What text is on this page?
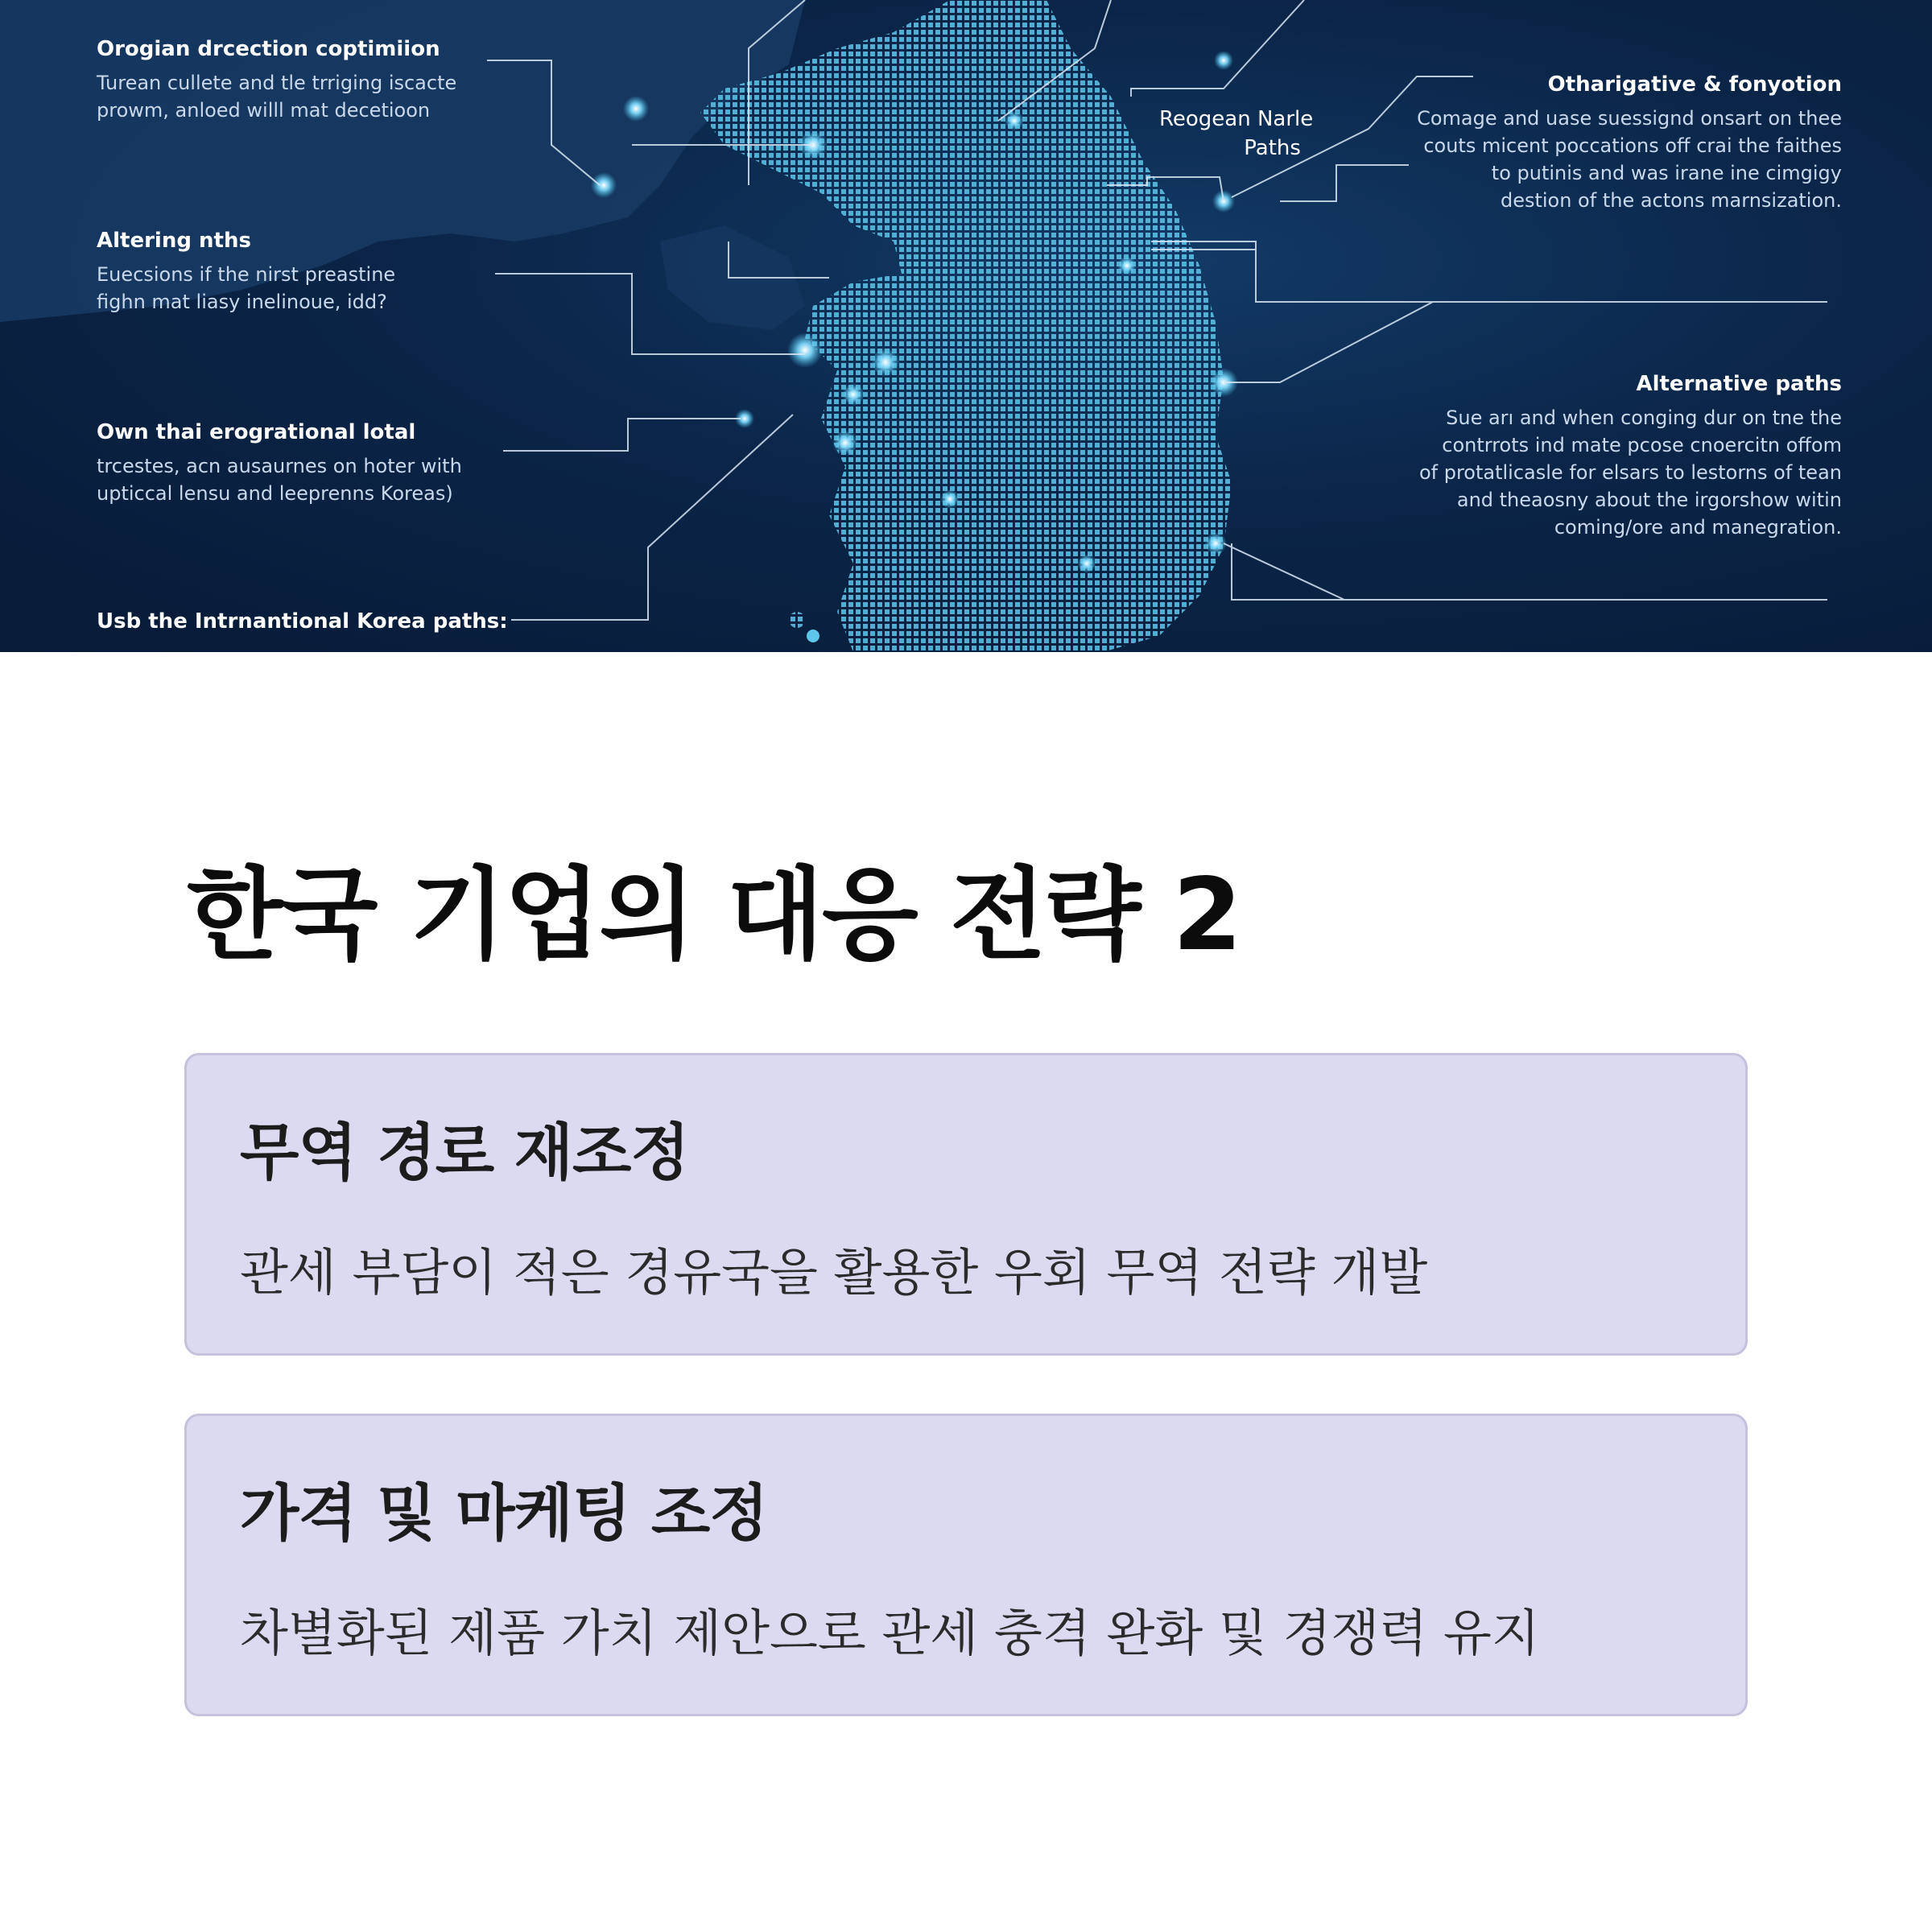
Orogian drcection coptimiion
Turean cullete and tle trriging iscacte
prowm, anloed willl mat decetioon
Altering nths
Euecsions if the nirst preastine
fighn mat liasy inelinoue, idd?
Own thai erogrational lotal
trcestes, acn ausaurnes on hoter with
upticcal lensu and leeprenns Koreas)
Usb the Intrnantional Korea paths:
Otharigative & fonyotion
Comage and uase suessignd onsart on thee
couts micent poccations off crai the faithes
to putinis and was irane ine cimgigy
destion of the actons marnsization.
Alternative paths
Sue arı and when conging dur on tne the
contrrots ind mate pcose cnoercitn offom
of protatlicasle for elsars to lestorns of tean
and theaosny about the irgorshow witin
coming/ore and manegration.
Reogean Narle
Paths
한국 기업의 대응 전략 2
무역 경로 재조정
관세 부담이 적은 경유국을 활용한 우회 무역 전략 개발
가격 및 마케팅 조정
차별화된 제품 가치 제안으로 관세 충격 완화 및 경쟁력 유지
